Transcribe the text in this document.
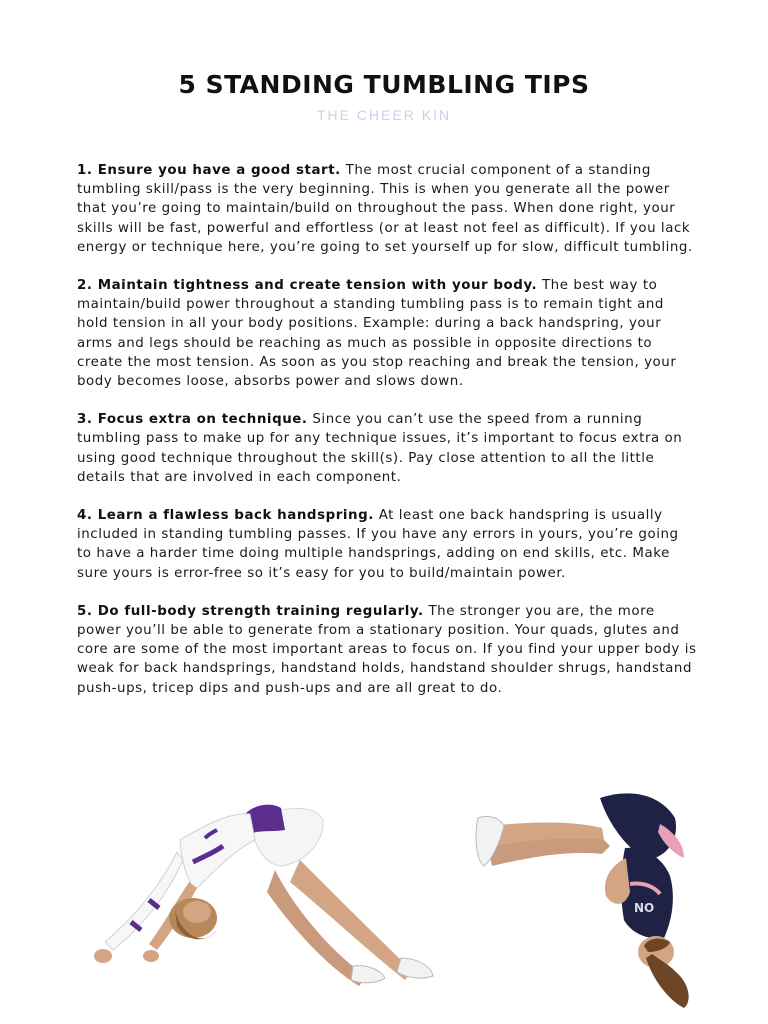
5 STANDING TUMBLING TIPS
THE CHEER KIN

1. Ensure you have a good start. The most crucial component of a standing tumbling skill/pass is the very beginning. This is when you generate all the power that you’re going to maintain/build on throughout the pass. When done right, your skills will be fast, powerful and effortless (or at least not feel as difficult). If you lack energy or technique here, you’re going to set yourself up for slow, difficult tumbling.

2. Maintain tightness and create tension with your body. The best way to maintain/build power throughout a standing tumbling pass is to remain tight and hold tension in all your body positions. Example: during a back handspring, your arms and legs should be reaching as much as possible in opposite directions to create the most tension. As soon as you stop reaching and break the tension, your body becomes loose, absorbs power and slows down.

3. Focus extra on technique. Since you can’t use the speed from a running tumbling pass to make up for any technique issues, it’s important to focus extra on using good technique throughout the skill(s). Pay close attention to all the little details that are involved in each component.

4. Learn a flawless back handspring. At least one back handspring is usually included in standing tumbling passes. If you have any errors in yours, you’re going to have a harder time doing multiple handsprings, adding on end skills, etc. Make sure yours is error-free so it’s easy for you to build/maintain power.

5. Do full-body strength training regularly. The stronger you are, the more power you’ll be able to generate from a stationary position. Your quads, glutes and core are some of the most important areas to focus on. If you find your upper body is weak for back handsprings, handstand holds, handstand shoulder shrugs, handstand push-ups, tricep dips and push-ups and are all great to do.

NO
